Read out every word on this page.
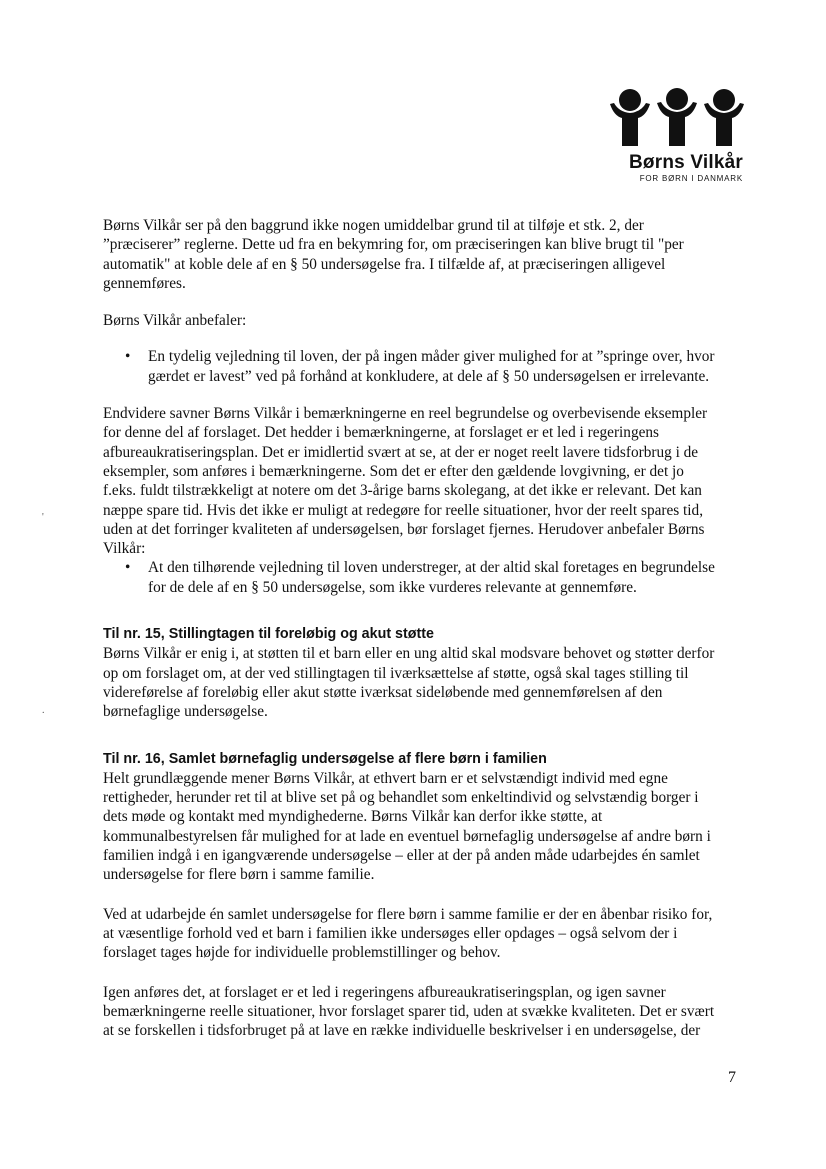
Børns Vilkår
FOR BØRN I DANMARK

Børns Vilkår ser på den baggrund ikke nogen umiddelbar grund til at tilføje et stk. 2, der
”præciserer” reglerne. Dette ud fra en bekymring for, om præciseringen kan blive brugt til "per
automatik" at koble dele af en § 50 undersøgelse fra. I tilfælde af, at præciseringen alligevel
gennemføres.

Børns Vilkår anbefaler:

• En tydelig vejledning til loven, der på ingen måder giver mulighed for at ”springe over, hvor
gærdet er lavest” ved på forhånd at konkludere, at dele af § 50 undersøgelsen er irrelevante.

Endvidere savner Børns Vilkår i bemærkningerne en reel begrundelse og overbevisende eksempler
for denne del af forslaget. Det hedder i bemærkningerne, at forslaget er et led i regeringens
afbureaukratiseringsplan. Det er imidlertid svært at se, at der er noget reelt lavere tidsforbrug i de
eksempler, som anføres i bemærkningerne. Som det er efter den gældende lovgivning, er det jo
f.eks. fuldt tilstrækkeligt at notere om det 3-årige barns skolegang, at det ikke er relevant. Det kan
næppe spare tid. Hvis det ikke er muligt at redegøre for reelle situationer, hvor der reelt spares tid,
uden at det forringer kvaliteten af undersøgelsen, bør forslaget fjernes. Herudover anbefaler Børns
Vilkår:

• At den tilhørende vejledning til loven understreger, at der altid skal foretages en begrundelse
for de dele af en § 50 undersøgelse, som ikke vurderes relevante at gennemføre.
Til nr. 15, Stillingtagen til foreløbig og akut støtte

Børns Vilkår er enig i, at støtten til et barn eller en ung altid skal modsvare behovet og støtter derfor
op om forslaget om, at der ved stillingtagen til iværksættelse af støtte, også skal tages stilling til
videreførelse af foreløbig eller akut støtte iværksat sideløbende med gennemførelsen af den
børnefaglige undersøgelse.

Til nr. 16, Samlet børnefaglig undersøgelse af flere børn i familien

Helt grundlæggende mener Børns Vilkår, at ethvert barn er et selvstændigt individ med egne
rettigheder, herunder ret til at blive set på og behandlet som enkeltindivid og selvstændig borger i
dets møde og kontakt med myndighederne. Børns Vilkår kan derfor ikke støtte, at
kommunalbestyrelsen får mulighed for at lade en eventuel børnefaglig undersøgelse af andre børn i
familien indgå i en igangværende undersøgelse – eller at der på anden måde udarbejdes én samlet
undersøgelse for flere børn i samme familie.

Ved at udarbejde én samlet undersøgelse for flere børn i samme familie er der en åbenbar risiko for,
at væsentlige forhold ved et barn i familien ikke undersøges eller opdages – også selvom der i
forslaget tages højde for individuelle problemstillinger og behov.

Igen anføres det, at forslaget er et led i regeringens afbureaukratiseringsplan, og igen savner
bemærkningerne reelle situationer, hvor forslaget sparer tid, uden at svække kvaliteten. Det er svært
at se forskellen i tidsforbruget på at lave en række individuelle beskrivelser i en undersøgelse, der

'
.
7
